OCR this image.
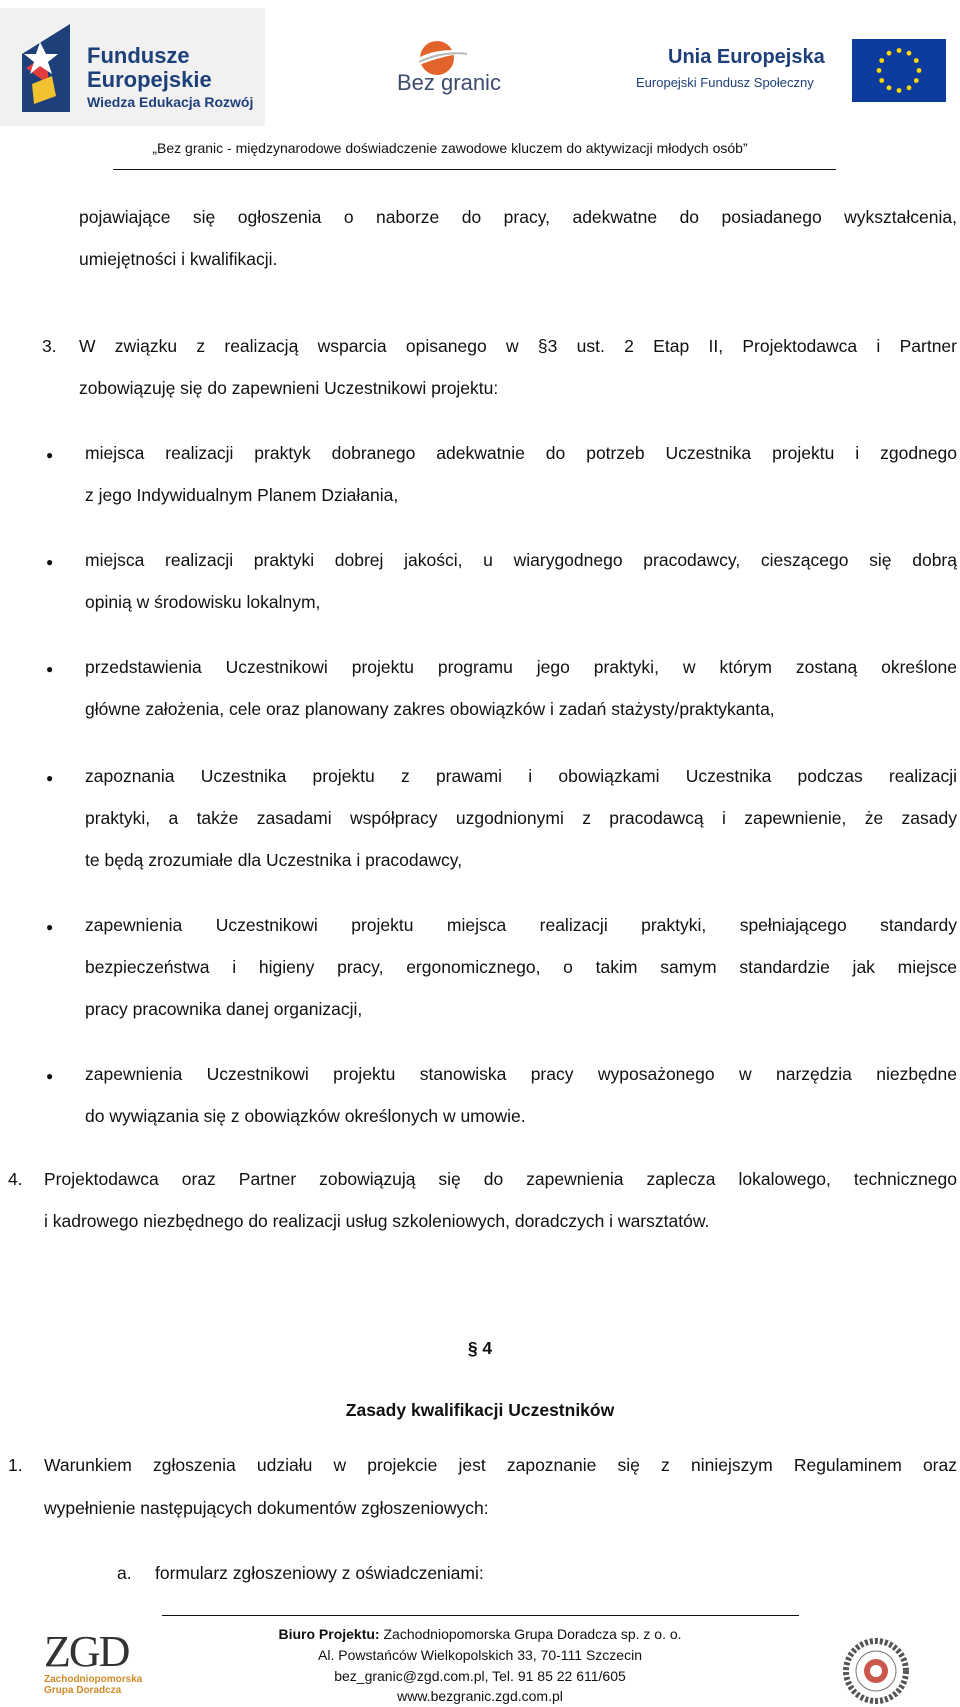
Fundusze
Europejskie
Wiedza Edukacja Rozwój
Bez granic
Unia Europejska
Europejski Fundusz Społeczny
„Bez granic - międzynarodowe doświadczenie zawodowe kluczem do aktywizacji młodych osób”
pojawiające się ogłoszenia o naborze do pracy, adekwatne do posiadanego wykształcenia,
umiejętności i kwalifikacji.
3. W związku z realizacją wsparcia opisanego w §3 ust. 2 Etap II, Projektodawca i Partner
zobowiązuję się do zapewnieni Uczestnikowi projektu:
● miejsca realizacji praktyk dobranego adekwatnie do potrzeb Uczestnika projektu i zgodnego
z jego Indywidualnym Planem Działania,
● miejsca realizacji praktyki dobrej jakości, u wiarygodnego pracodawcy, cieszącego się dobrą
opinią w środowisku lokalnym,
● przedstawienia Uczestnikowi projektu programu jego praktyki, w którym zostaną określone
główne założenia, cele oraz planowany zakres obowiązków i zadań stażysty/praktykanta,
● zapoznania Uczestnika projektu z prawami i obowiązkami Uczestnika podczas realizacji
praktyki, a także zasadami współpracy uzgodnionymi z pracodawcą i zapewnienie, że zasady
te będą zrozumiałe dla Uczestnika i pracodawcy,
● zapewnienia Uczestnikowi projektu miejsca realizacji praktyki, spełniającego standardy
bezpieczeństwa i higieny pracy, ergonomicznego, o takim samym standardzie jak miejsce
pracy pracownika danej organizacji,
● zapewnienia Uczestnikowi projektu stanowiska pracy wyposażonego w narzędzia niezbędne
do wywiązania się z obowiązków określonych w umowie.
4. Projektodawca oraz Partner zobowiązują się do zapewnienia zaplecza lokalowego, technicznego
i kadrowego niezbędnego do realizacji usług szkoleniowych, doradczych i warsztatów.
§ 4
Zasady kwalifikacji Uczestników
1. Warunkiem zgłoszenia udziału w projekcie jest zapoznanie się z niniejszym Regulaminem oraz
wypełnienie następujących dokumentów zgłoszeniowych:
a. formularz zgłoszeniowy z oświadczeniami:
ZGD
Zachodniopomorska
Grupa Doradcza
Biuro Projektu: Zachodniopomorska Grupa Doradcza sp. z o. o.
Al. Powstańców Wielkopolskich 33, 70-111 Szczecin
bez_granic@zgd.com.pl, Tel. 91 85 22 611/605
www.bezgranic.zgd.com.pl
